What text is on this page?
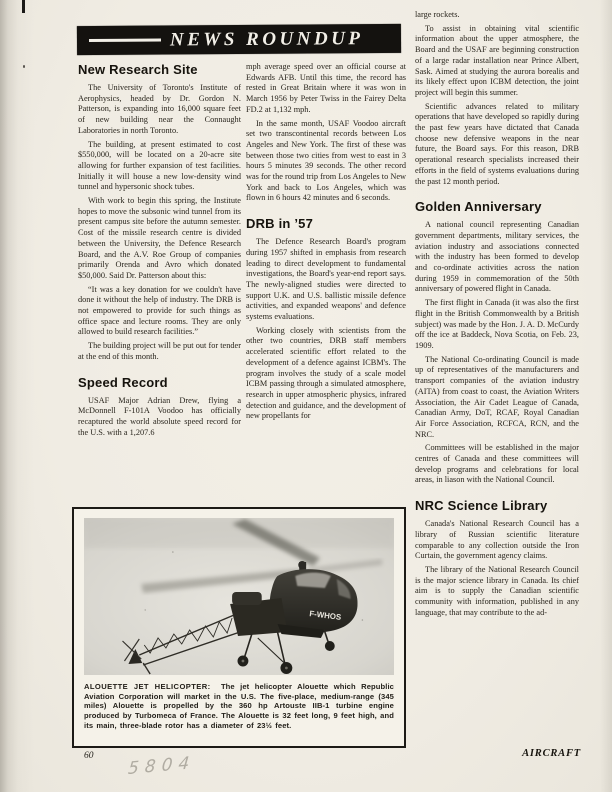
NEWS ROUNDUP
New Research Site

The University of Toronto's Institute of Aerophysics, headed by Dr. Gordon N. Patterson, is expanding into 16,000 square feet of new building near the Connaught Laboratories in north Toronto.

The building, at present estimated to cost $550,000, will be located on a 20-acre site allowing for further expansion of test facilities. Initially it will house a new low-density wind tunnel and hypersonic shock tubes.

With work to begin this spring, the Institute hopes to move the subsonic wind tunnel from its present campus site before the autumn semester. Cost of the missile research centre is divided between the University, the Defence Research Board, and the A.V. Roe Group of companies primarily Orenda and Avro which donated $50,000. Said Dr. Patterson about this:

“It was a key donation for we couldn't have done it without the help of industry. The DRB is not empowered to provide for such things as office space and lecture rooms. They are only allowed to build research facilities.”

The building project will be put out for tender at the end of this month.

Speed Record

USAF Major Adrian Drew, flying a McDonnell F-101A Voodoo has officially recaptured the world absolute speed record for the U.S. with a 1,207.6

mph average speed over an official course at Edwards AFB. Until this time, the record has rested in Great Britain where it was won in March 1956 by Peter Twiss in the Fairey Delta FD.2 at 1,132 mph.

In the same month, USAF Voodoo aircraft set two transcontinental records between Los Angeles and New York. The first of these was between those two cities from west to east in 3 hours 5 minutes 39 seconds. The other record was for the round trip from Los Angeles to New York and back to Los Angeles, which was flown in 6 hours 42 minutes and 6 seconds.

DRB in ’57

The Defence Research Board's program during 1957 shifted in emphasis from research leading to direct development to fundamental investigations, the Board's year-end report says. The newly-aligned studies were directed to support U.K. and U.S. ballistic missile defence activities, and expanded weapons' and defence systems evaluations.

Working closely with scientists from the other two countries, DRB staff members accelerated scientific effort related to the development of a defence against ICBM's. The program involves the study of a scale model ICBM passing through a simulated atmosphere, research in upper atmospheric physics, infrared detection and guidance, and the development of new propellants for

large rockets.

To assist in obtaining vital scientific information about the upper atmosphere, the Board and the USAF are beginning construction of a large radar installation near Prince Albert, Sask. Aimed at studying the aurora borealis and its likely effect upon ICBM detection, the joint project will begin this summer.

Scientific advances related to military operations that have developed so rapidly during the past few years have dictated that Canada choose new defensive weapons in the near future, the Board says. For this reason, DRB operational research specialists increased their efforts in the field of systems evaluations during the past 12 month period.

Golden Anniversary

A national council representing Canadian government departments, military services, the aviation industry and associations connected with the industry has been formed to develop and co-ordinate activities across the nation during 1959 in commemoration of the 50th anniversary of powered flight in Canada.

The first flight in Canada (it was also the first flight in the British Commonwealth by a British subject) was made by the Hon. J. A. D. McCurdy off the ice at Baddeck, Nova Scotia, on Feb. 23, 1909.

The National Co-ordinating Council is made up of representatives of the manufacturers and transport companies of the aviation industry (AITA) from coast to coast, the Aviation Writers Association, the Air Cadet League of Canada, Canadian Army, DoT, RCAF, Royal Canadian Air Force Association, RCFCA, RCN, and the NRC.

Committees will be established in the major centres of Canada and these committees will develop programs and celebrations for local areas, in liason with the National Council.

NRC Science Library

Canada's National Research Council has a library of Russian scientific literature comparable to any collection outside the Iron Curtain, the government agency claims.

The library of the National Research Council is the major science library in Canada. Its chief aim is to supply the Canadian scientific community with information, published in any language, that may contribute to the ad-

F-WHOS
ALOUETTE JET HELICOPTER: The jet helicopter Alouette which Republic Aviation Corporation will market in the U.S. The five-place, medium-range (345 miles) Alouette is propelled by the 360 hp Artouste IIB-1 turbine engine produced by Turbomeca of France. The Alouette is 32 feet long, 9 feet high, and its main, three-blade rotor has a diameter of 23½ feet.
60 5804	AIRCRAFT
